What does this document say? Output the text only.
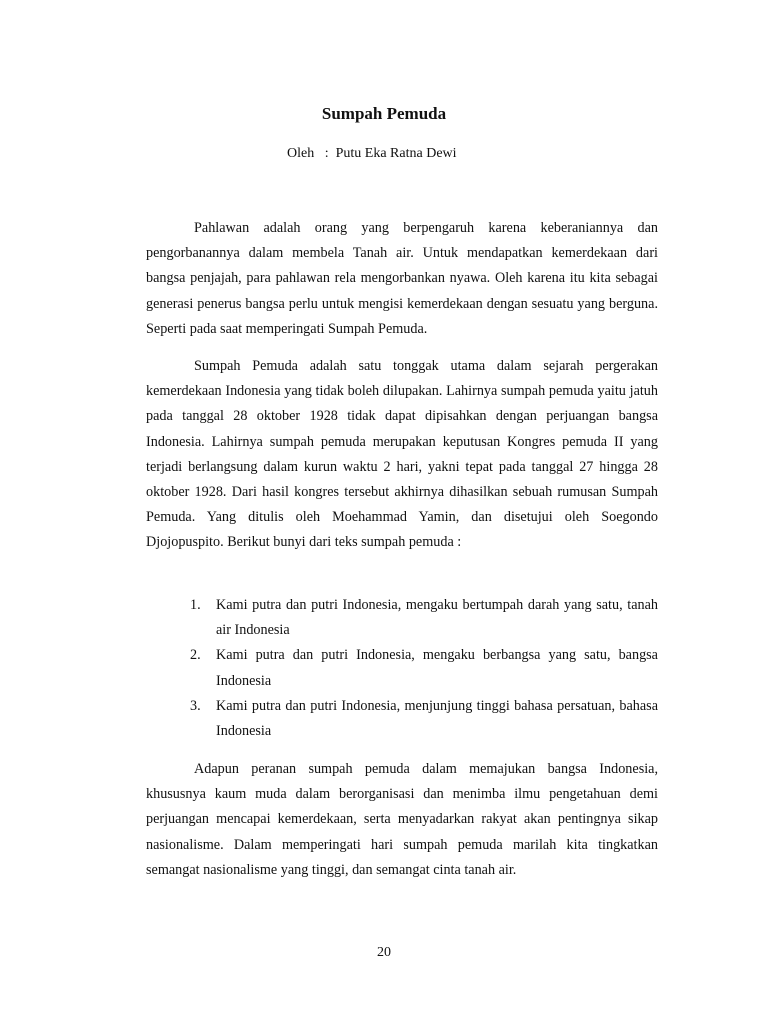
Sumpah Pemuda
Oleh : Putu Eka Ratna Dewi

Pahlawan adalah orang yang berpengaruh karena keberaniannya dan pengorbanannya dalam membela Tanah air. Untuk mendapatkan kemerdekaan dari bangsa penjajah, para pahlawan rela mengorbankan nyawa. Oleh karena itu kita sebagai generasi penerus bangsa perlu untuk mengisi kemerdekaan dengan sesuatu yang berguna. Seperti pada saat memperingati Sumpah Pemuda.

Sumpah Pemuda adalah satu tonggak utama dalam sejarah pergerakan kemerdekaan Indonesia yang tidak boleh dilupakan. Lahirnya sumpah pemuda yaitu jatuh pada tanggal 28 oktober 1928 tidak dapat dipisahkan dengan perjuangan bangsa Indonesia. Lahirnya sumpah pemuda merupakan keputusan Kongres pemuda II yang terjadi berlangsung dalam kurun waktu 2 hari, yakni tepat pada tanggal 27 hingga 28 oktober 1928. Dari hasil kongres tersebut akhirnya dihasilkan sebuah rumusan Sumpah Pemuda. Yang ditulis oleh Moehammad Yamin, dan disetujui oleh Soegondo Djojopuspito. Berikut bunyi dari teks sumpah pemuda :

1. Kami putra dan putri Indonesia, mengaku bertumpah darah yang satu, tanah air Indonesia
2. Kami putra dan putri Indonesia, mengaku berbangsa yang satu, bangsa Indonesia
3. Kami putra dan putri Indonesia, menjunjung tinggi bahasa persatuan, bahasa Indonesia

Adapun peranan sumpah pemuda dalam memajukan bangsa Indonesia, khususnya kaum muda dalam berorganisasi dan menimba ilmu pengetahuan demi perjuangan mencapai kemerdekaan, serta menyadarkan rakyat akan pentingnya sikap nasionalisme. Dalam memperingati hari sumpah pemuda marilah kita tingkatkan semangat nasionalisme yang tinggi, dan semangat cinta tanah air.

20
